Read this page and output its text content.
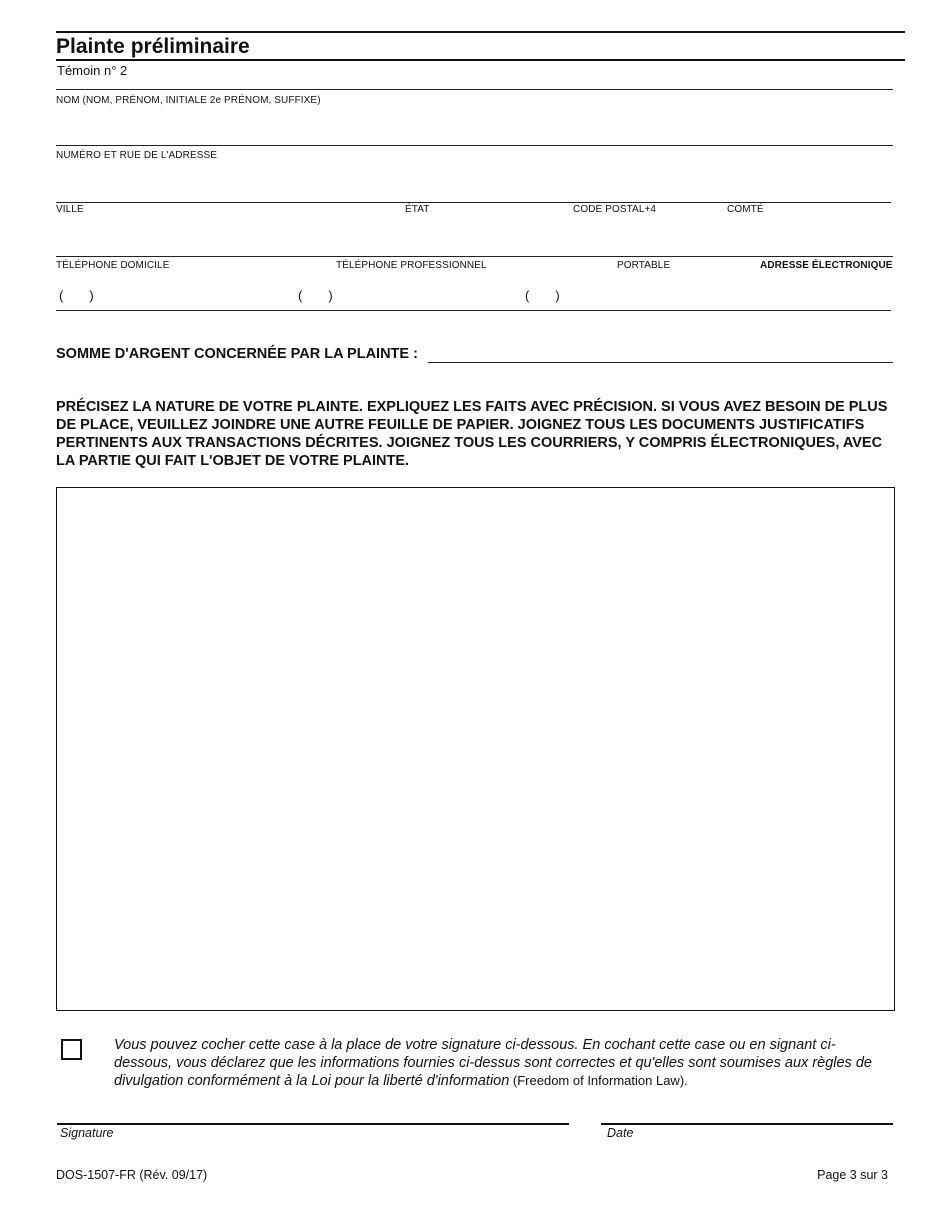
Plainte préliminaire
Témoin n° 2
NOM (NOM, PRÉNOM, INITIALE 2e PRÉNOM, SUFFIXE)
NUMÉRO ET RUE DE L'ADRESSE
VILLE	ÉTAT	CODE POSTAL+4	COMTÉ
TÉLÉPHONE DOMICILE	TÉLÉPHONE PROFESSIONNEL	PORTABLE	ADRESSE ÉLECTRONIQUE
( )	( )	( )
SOMME D'ARGENT CONCERNÉE PAR LA PLAINTE :
PRÉCISEZ LA NATURE DE VOTRE PLAINTE. EXPLIQUEZ LES FAITS AVEC PRÉCISION. SI VOUS AVEZ BESOIN DE PLUS DE PLACE, VEUILLEZ JOINDRE UNE AUTRE FEUILLE DE PAPIER. JOIGNEZ TOUS LES DOCUMENTS JUSTIFICATIFS PERTINENTS AUX TRANSACTIONS DÉCRITES. JOIGNEZ TOUS LES COURRIERS, Y COMPRIS ÉLECTRONIQUES, AVEC LA PARTIE QUI FAIT L'OBJET DE VOTRE PLAINTE.
Vous pouvez cocher cette case à la place de votre signature ci-dessous. En cochant cette case ou en signant ci-dessous, vous déclarez que les informations fournies ci-dessus sont correctes et qu'elles sont soumises aux règles de divulgation conformément à la Loi pour la liberté d'information (Freedom of Information Law).
Signature	Date
DOS-1507-FR (Rév. 09/17)	Page 3 sur 3
